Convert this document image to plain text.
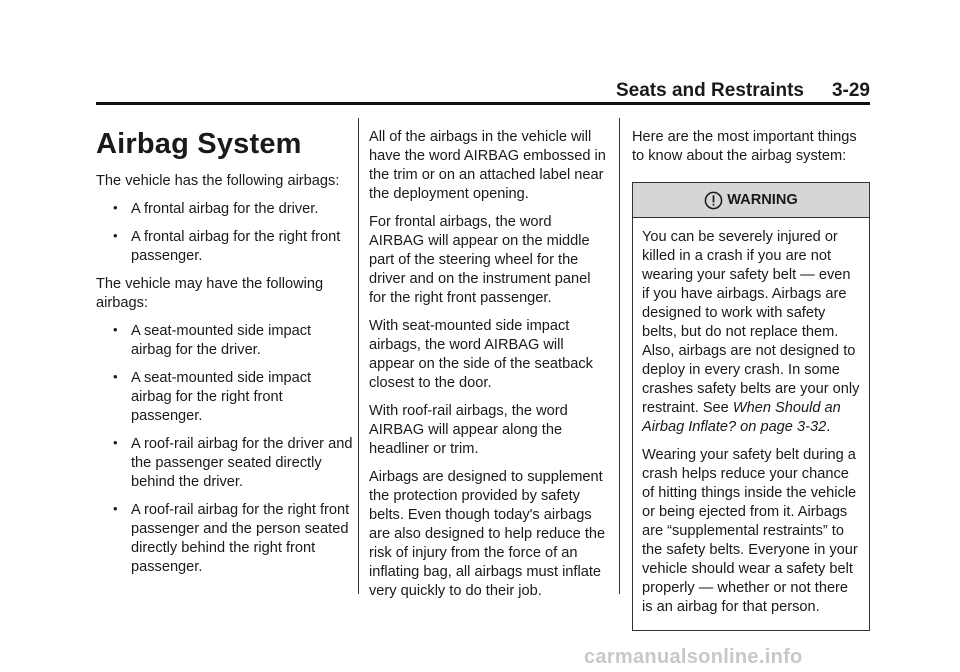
Seats and Restraints 3-29
Airbag System

The vehicle has the following airbags:

• A frontal airbag for the driver.
• A frontal airbag for the right front passenger.

The vehicle may have the following airbags:

• A seat-mounted side impact airbag for the driver.
• A seat-mounted side impact airbag for the right front passenger.
• A roof-rail airbag for the driver and the passenger seated directly behind the driver.
• A roof-rail airbag for the right front passenger and the person seated directly behind the right front passenger.

All of the airbags in the vehicle will have the word AIRBAG embossed in the trim or on an attached label near the deployment opening.

For frontal airbags, the word AIRBAG will appear on the middle part of the steering wheel for the driver and on the instrument panel for the right front passenger.

With seat-mounted side impact airbags, the word AIRBAG will appear on the side of the seatback closest to the door.

With roof-rail airbags, the word AIRBAG will appear along the headliner or trim.

Airbags are designed to supplement the protection provided by safety belts. Even though today's airbags are also designed to help reduce the risk of injury from the force of an inflating bag, all airbags must inflate very quickly to do their job.

Here are the most important things to know about the airbag system:

WARNING

You can be severely injured or killed in a crash if you are not wearing your safety belt — even if you have airbags. Airbags are designed to work with safety belts, but do not replace them. Also, airbags are not designed to deploy in every crash. In some crashes safety belts are your only restraint. See When Should an Airbag Inflate? on page 3-32.

Wearing your safety belt during a crash helps reduce your chance of hitting things inside the vehicle or being ejected from it. Airbags are “supplemental restraints” to the safety belts. Everyone in your vehicle should wear a safety belt properly — whether or not there is an airbag for that person.

carmanualsonline.info
